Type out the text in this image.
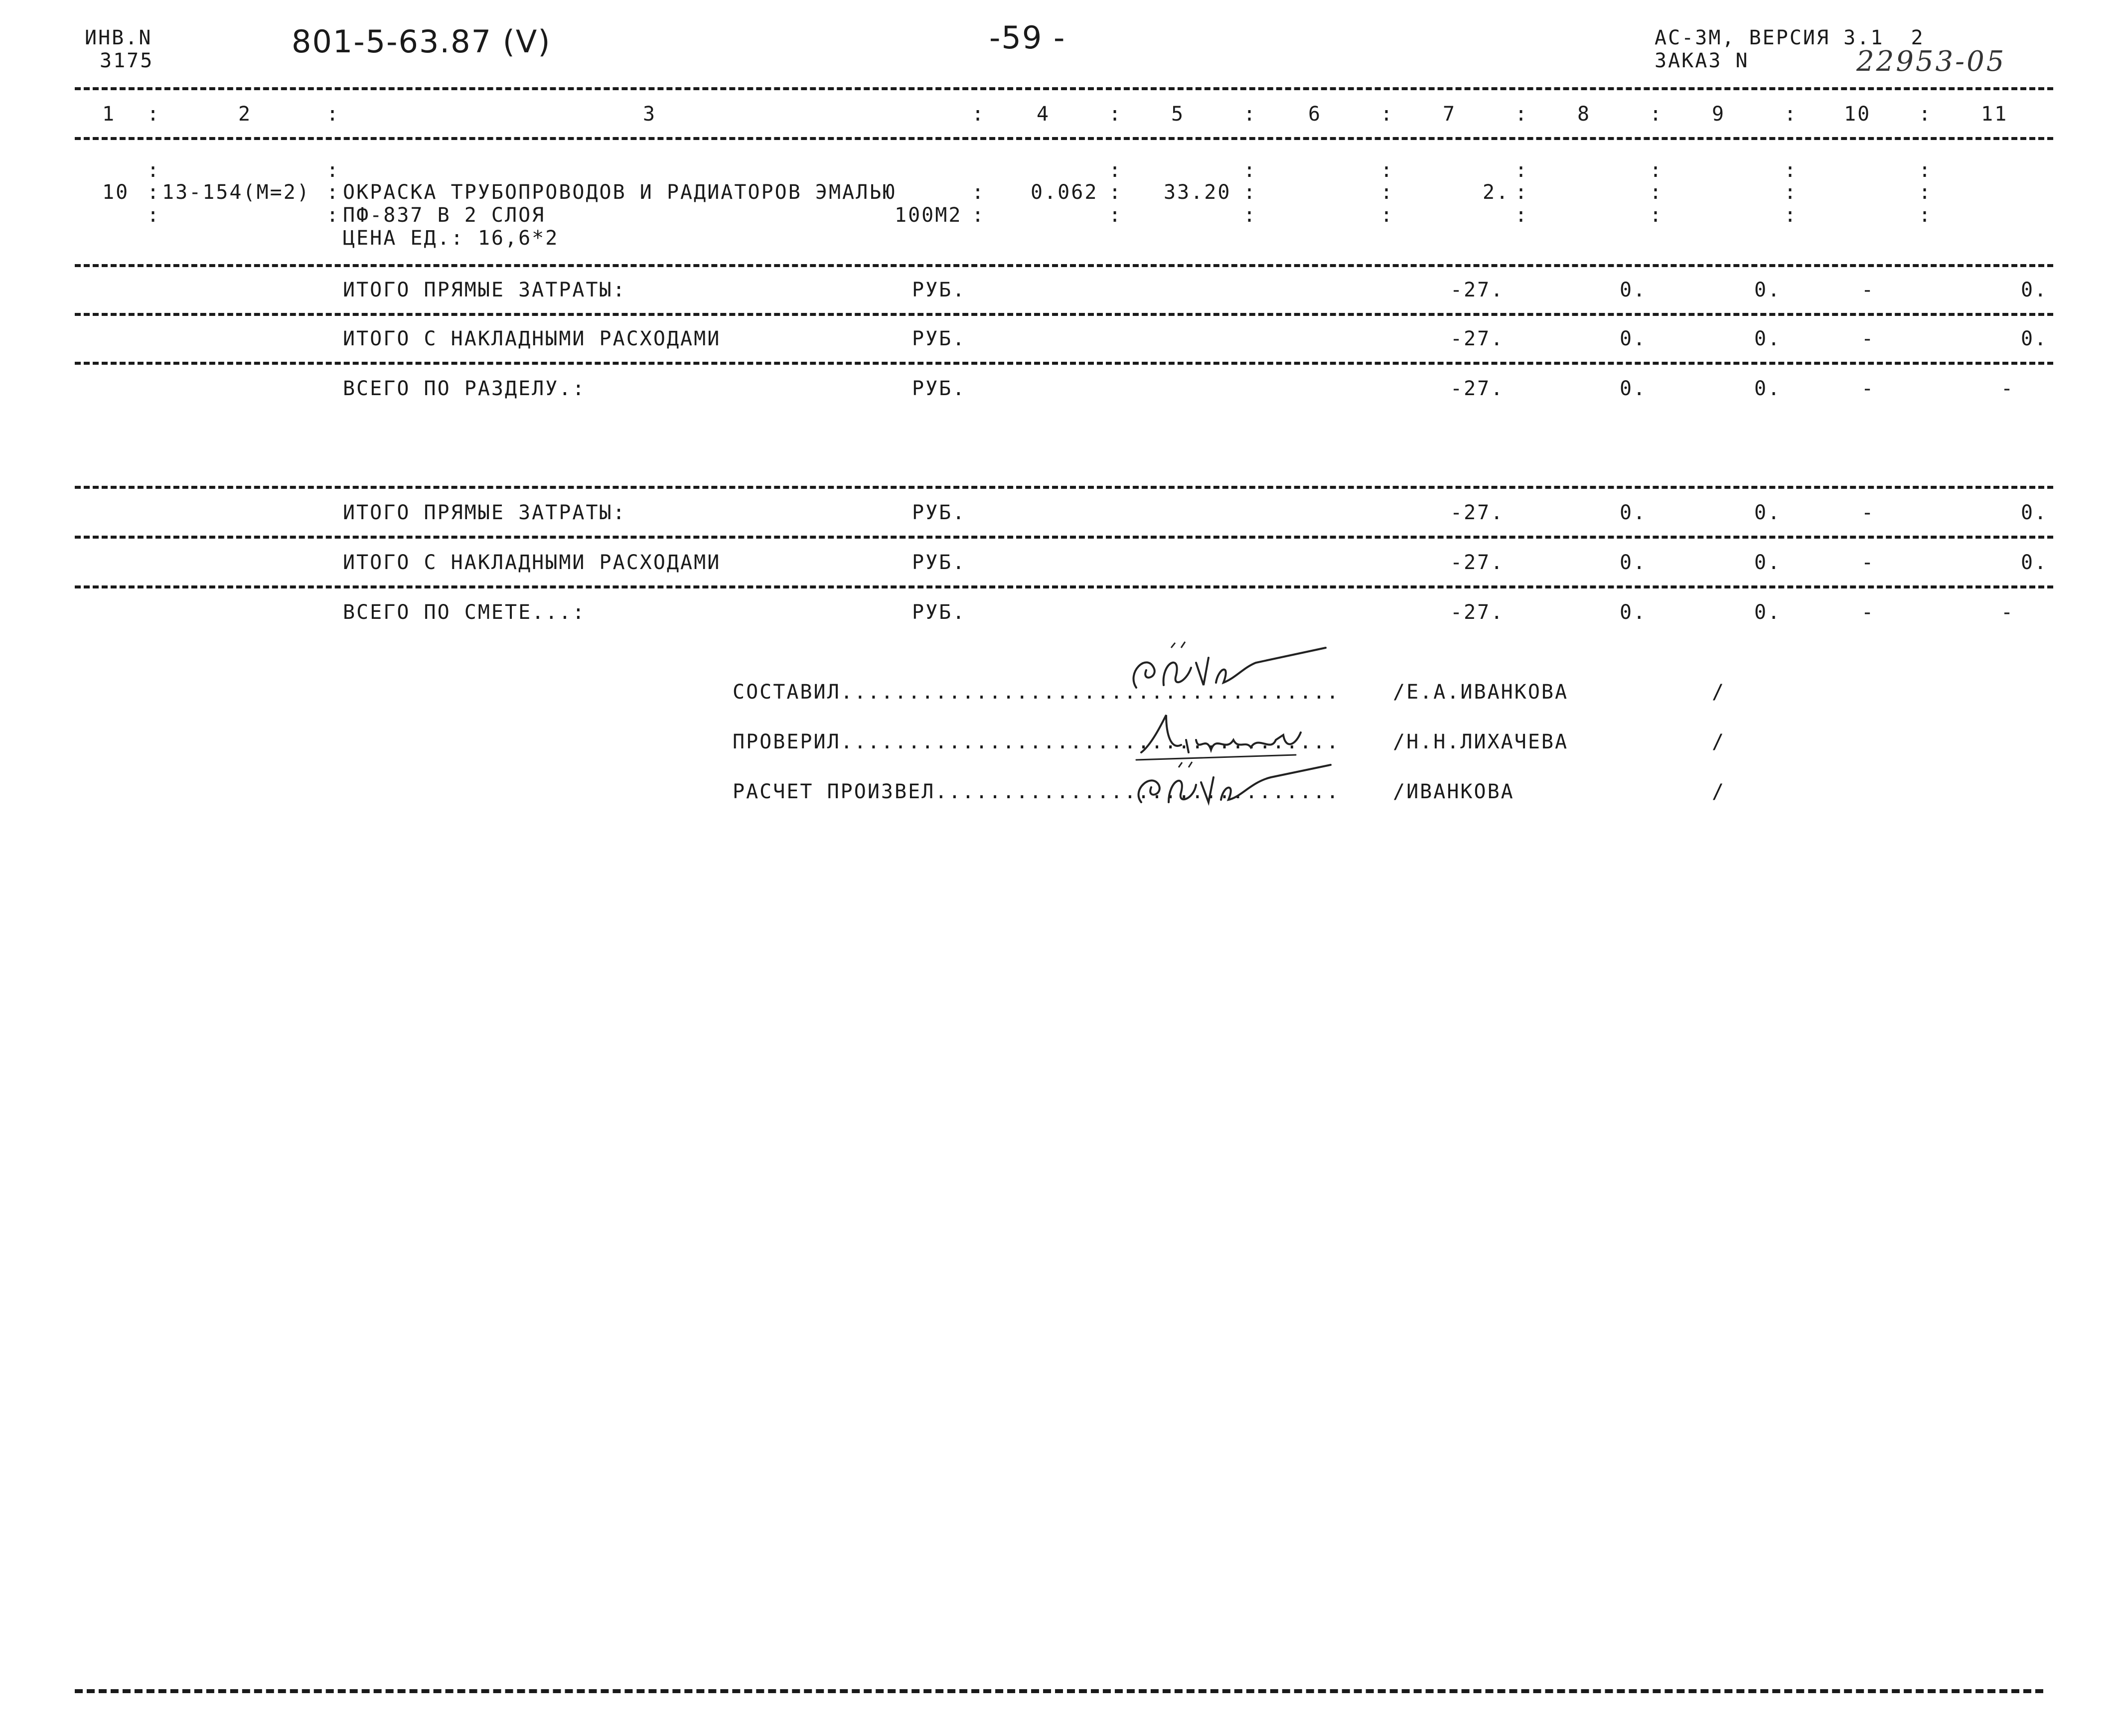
ИНВ.N
3175
801-5-63.87 (V)	-59 -	АС-ЗМ, ВЕРСИЯ 3.1  2
ЗАКАЗ N	22953-05
1	2	3	4	5	6	7	8	9	10	11
:	:	:	:	:	:	:	:	:	:
:	:	:	:	:	:	:	:	:
10 : 13-154(M=2) : ОКРАСКА ТРУБОПРОВОДОВ И РАДИАТОРОВ ЭМАЛЬЮ	: 0.062 : 33.20 :	:	2. :	:	:	:
:	: ПФ-837 В 2 СЛОЯ	100М2 :	:	:	:	:	:	:	:
ЦЕНА ЕД.: 16,6*2
ИТОГО ПРЯМЫЕ ЗАТРАТЫ:	РУБ.	-27.	0.	0.	-	0.
ИТОГО С НАКЛАДНЫМИ РАСХОДАМИ	РУБ.	-27.	0.	0.	-	0.
ВСЕГО ПО РАЗДЕЛУ.:	РУБ.	-27.	0.	0.	-	-
ИТОГО ПРЯМЫЕ ЗАТРАТЫ:	РУБ.	-27.	0.	0.	-	0.
ИТОГО С НАКЛАДНЫМИ РАСХОДАМИ	РУБ.	-27.	0.	0.	-	0.
ВСЕГО ПО СМЕТЕ...:	РУБ.	-27.	0.	0.	-	-
СОСТАВИЛ.....................................	/Е.А.ИВАНКОВА	/
ПРОВЕРИЛ.....................................	/Н.Н.ЛИХАЧЕВА	/
РАСЧЕТ ПРОИЗВЕЛ..............................	/ИВАНКОВА	/
